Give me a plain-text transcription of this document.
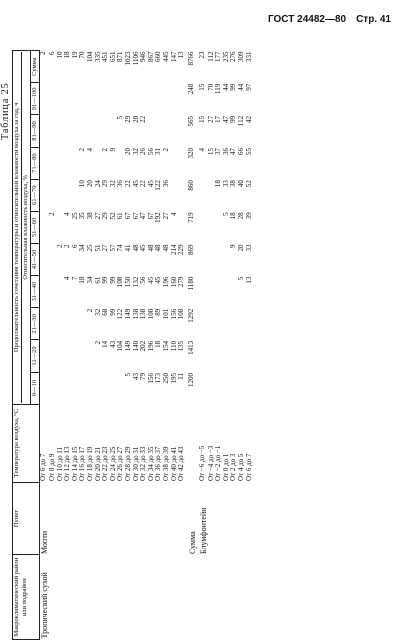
ГОСТ 24482—80 Стр. 41
Таблица 25
Макроклиматический район или подрайон	Пункт	Температура воздуха, °С	Продолжительность сочетания температуры и относительной влажности воздуха за год, ч Относительная влажность воздуха, %										

			0—10	11—20	21—30	31—40	41—50	51—60	61—70	71—80	81—90	91—100	Сумма
Тропический сухой	Мопти	От 6 до 7											2
		От 8 до 9						2					6
		От 10 до 11					2						10
		От 12 до 13				4	2	4					18
		От 14 до 15				7	6	25					19
		От 16 до 17				18	34	35	10	2			70
		От 18 до 19			2	34	25	38	20	4			104
		От 20 до 21		2	32	61	51	27	24				335
		От 22 до 23		14	68	99	27	29	29	2			451
		От 24 до 25		43	99	99	57	52	32	9			651
		От 26 до 27		104	122	108	74	61	36		5		871
		От 28 до 29	5	149	149	150	41	67	22	20	29		1023
		От 30 до 31	43	140	138	132	48	67	45	32	20		1106
		От 32 до 33	79	202	138	56	45	47	22	26	22		946
		От 34 до 35	156	196	100	45	48	67	45	56			867
		От 36 до 37	173	18	89	45	48	192	122	31			660
		От 38 до 39	250	154	101	196	48	27	36	2			445
		От 40 до 41	195	110	156	160	214	4					147
		От 42 до 43	11	135	108	279	229						13
	Сумма		1200	1413	1292	1180	869	719	860	320	565	248	8766
	Блумфонтейн	От −6 до −5								4	15	15	23
		От −4 до −3								15	27	70	112
		От −2 до −1							18	37	17	119	177
		От 0 до 1						5	33	36	47	44	235
		От 2 до 3					9	18	38	47	99	99	276
		От 4 до 5				5	20	28	40	66	112	44	309
		От 6 до 7				13	33	39	52	55	42	97	331
